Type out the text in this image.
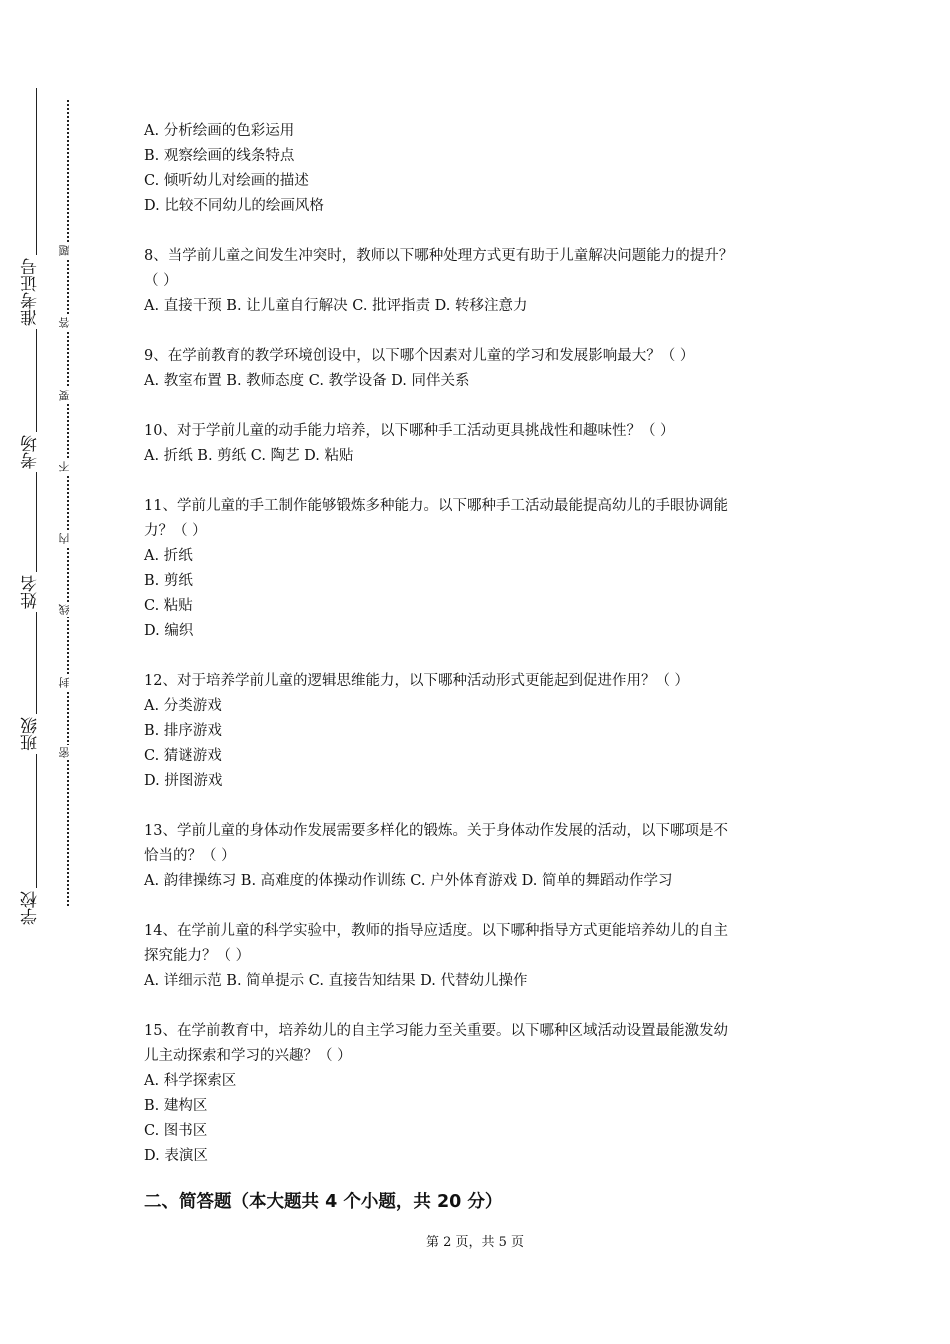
准考证号
考场
姓名
班级
学校
题
答
要
不
内
线
封
密
A. 分析绘画的色彩运用
B. 观察绘画的线条特点
C. 倾听幼儿对绘画的描述
D. 比较不同幼儿的绘画风格
8、当学前儿童之间发生冲突时，教师以下哪种处理方式更有助于儿童解决问题能力的提升？
（ ）
A. 直接干预 B. 让儿童自行解决 C. 批评指责 D. 转移注意力
9、在学前教育的教学环境创设中，以下哪个因素对儿童的学习和发展影响最大？（ ）
A. 教室布置 B. 教师态度 C. 教学设备 D. 同伴关系
10、对于学前儿童的动手能力培养，以下哪种手工活动更具挑战性和趣味性？（ ）
A. 折纸 B. 剪纸 C. 陶艺 D. 粘贴
11、学前儿童的手工制作能够锻炼多种能力。以下哪种手工活动最能提高幼儿的手眼协调能
力？（ ）
A. 折纸
B. 剪纸
C. 粘贴
D. 编织
12、对于培养学前儿童的逻辑思维能力，以下哪种活动形式更能起到促进作用？（ ）
A. 分类游戏
B. 排序游戏
C. 猜谜游戏
D. 拼图游戏
13、学前儿童的身体动作发展需要多样化的锻炼。关于身体动作发展的活动，以下哪项是不
恰当的？（ ）
A. 韵律操练习 B. 高难度的体操动作训练 C. 户外体育游戏 D. 简单的舞蹈动作学习
14、在学前儿童的科学实验中，教师的指导应适度。以下哪种指导方式更能培养幼儿的自主
探究能力？（ ）
A. 详细示范 B. 简单提示 C. 直接告知结果 D. 代替幼儿操作
15、在学前教育中，培养幼儿的自主学习能力至关重要。以下哪种区域活动设置最能激发幼
儿主动探索和学习的兴趣？（ ）
A. 科学探索区
B. 建构区
C. 图书区
D. 表演区
二、简答题（本大题共 4 个小题，共 20 分）
第 2 页，共 5 页
